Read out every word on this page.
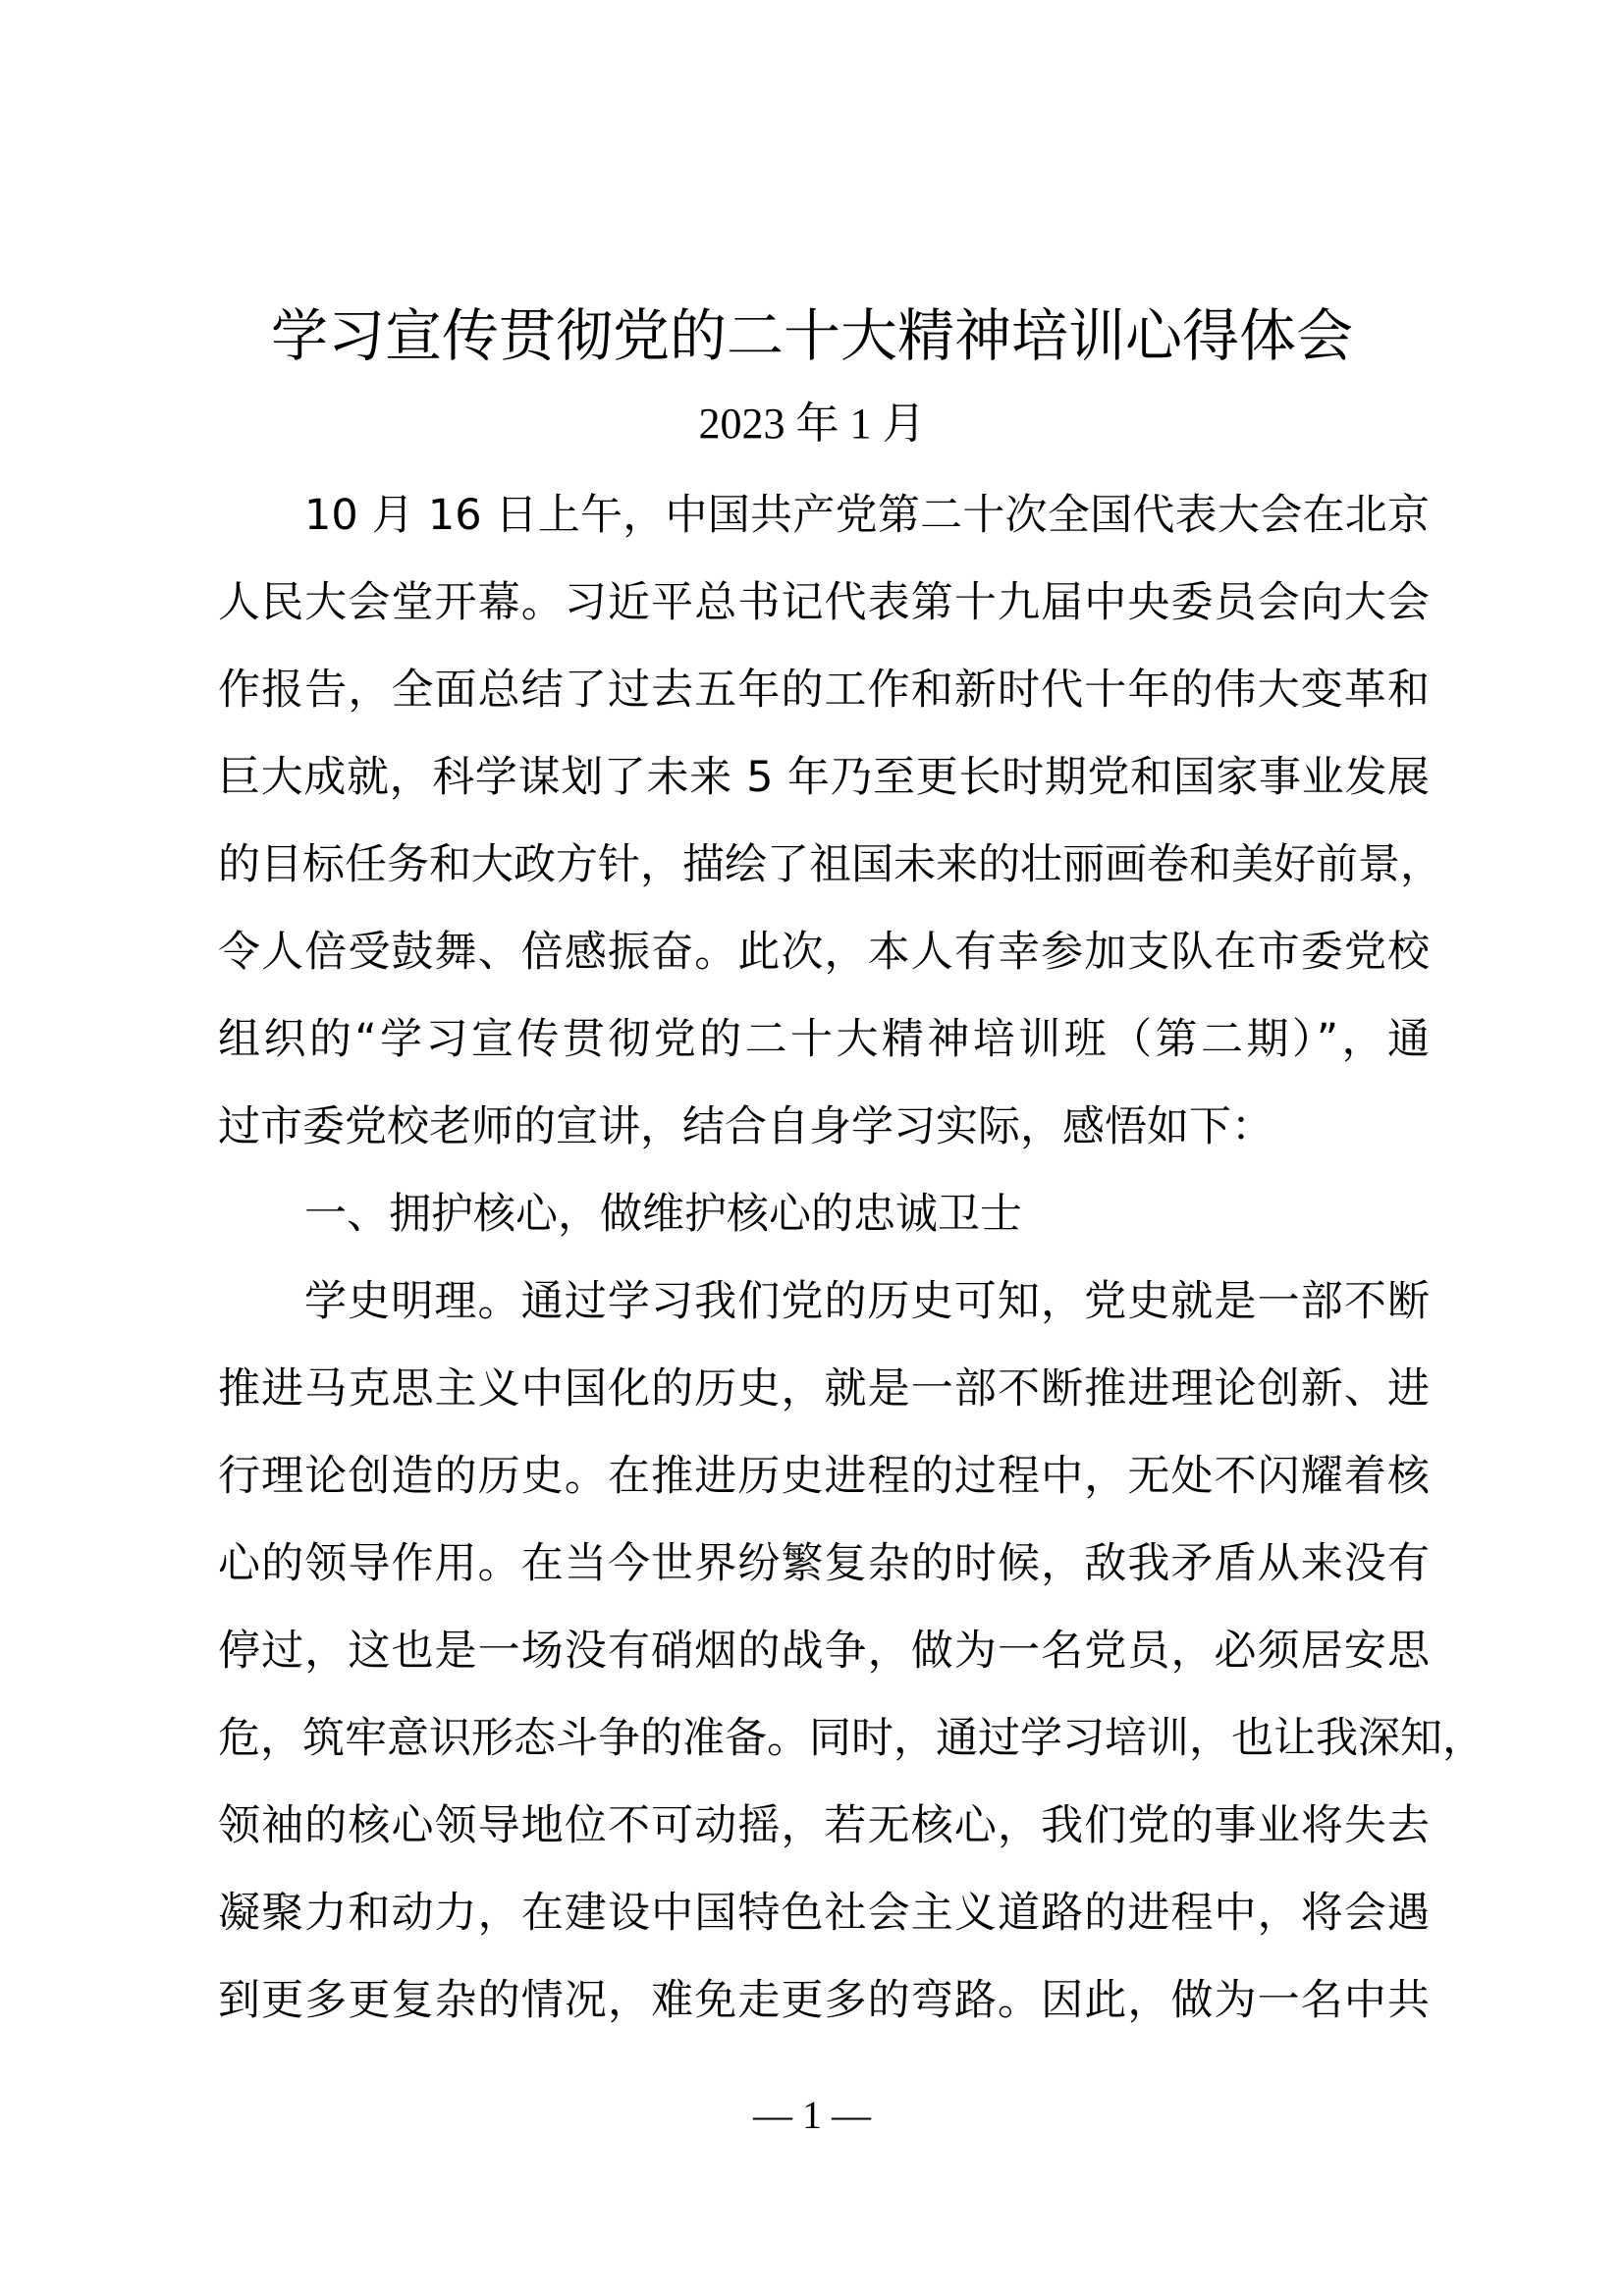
学习宣传贯彻党的二十大精神培训心得体会
2023 年 1 月
10 月 16 日上午，中国共产党第二十次全国代表大会在北京
人民大会堂开幕。习近平总书记代表第十九届中央委员会向大会
作报告，全面总结了过去五年的工作和新时代十年的伟大变革和
巨大成就，科学谋划了未来 5 年乃至更长时期党和国家事业发展
的目标任务和大政方针，描绘了祖国未来的壮丽画卷和美好前景，
令人倍受鼓舞、倍感振奋。此次，本人有幸参加支队在市委党校
组织的“学习宣传贯彻党的二十大精神培训班（第二期）”，通
过市委党校老师的宣讲，结合自身学习实际，感悟如下：
一、拥护核心，做维护核心的忠诚卫士
学史明理。通过学习我们党的历史可知，党史就是一部不断
推进马克思主义中国化的历史，就是一部不断推进理论创新、进
行理论创造的历史。在推进历史进程的过程中，无处不闪耀着核
心的领导作用。在当今世界纷繁复杂的时候，敌我矛盾从来没有
停过，这也是一场没有硝烟的战争，做为一名党员，必须居安思
危，筑牢意识形态斗争的准备。同时，通过学习培训，也让我深知，
领袖的核心领导地位不可动摇，若无核心，我们党的事业将失去
凝聚力和动力，在建设中国特色社会主义道路的进程中，将会遇
到更多更复杂的情况，难免走更多的弯路。因此，做为一名中共
— 1 —
